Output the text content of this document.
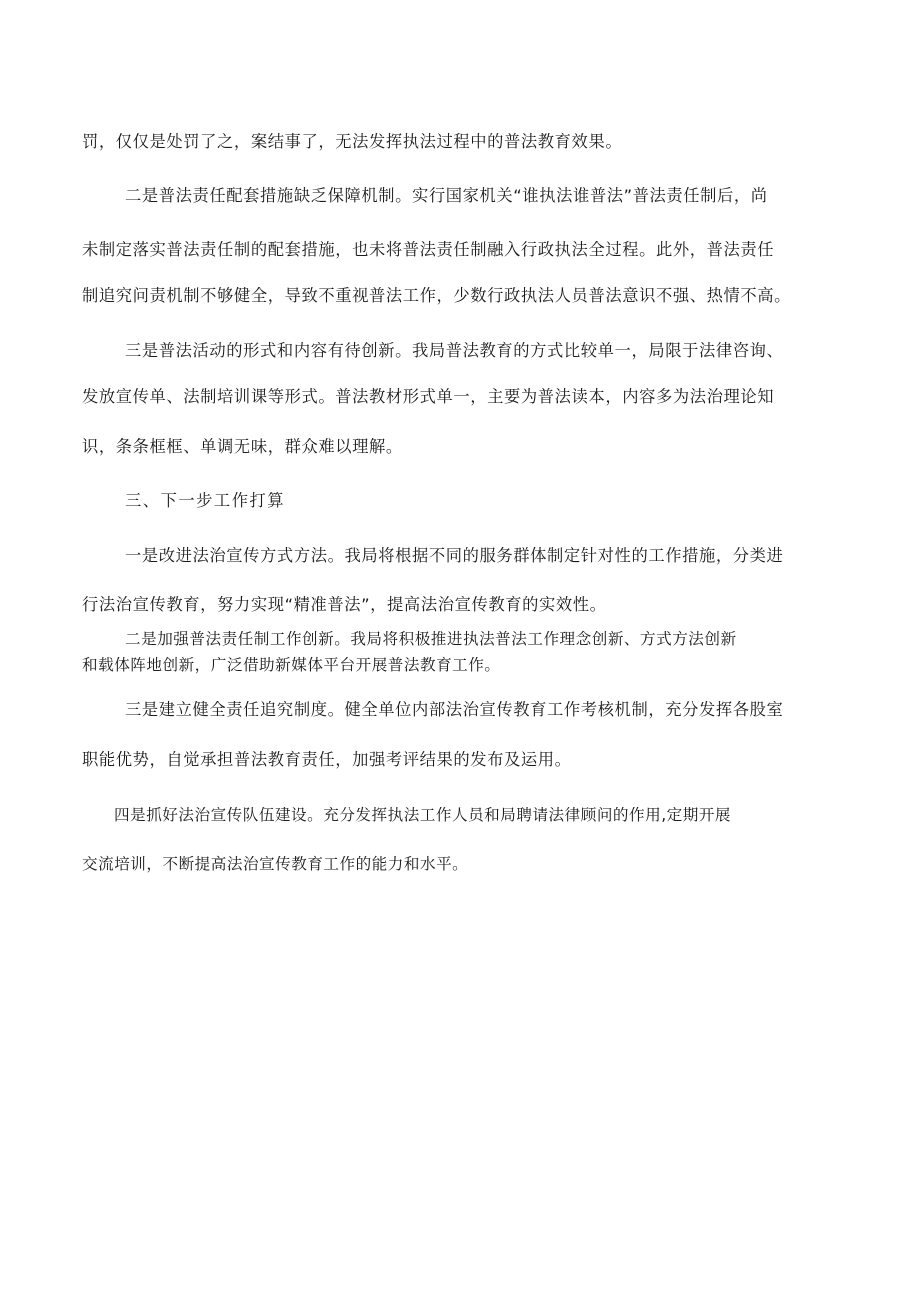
罚，仅仅是处罚了之，案结事了，无法发挥执法过程中的普法教育效果。

二是普法责任配套措施缺乏保障机制。实行国家机关“谁执法谁普法”普法责任制后，尚

未制定落实普法责任制的配套措施，也未将普法责任制融入行政执法全过程。此外，普法责任

制追究问责机制不够健全，导致不重视普法工作，少数行政执法人员普法意识不强、热情不高。

三是普法活动的形式和内容有待创新。我局普法教育的方式比较单一，局限于法律咨询、

发放宣传单、法制培训课等形式。普法教材形式单一，主要为普法读本，内容多为法治理论知

识，条条框框、单调无味，群众难以理解。

三、下一步工作打算

一是改进法治宣传方式方法。我局将根据不同的服务群体制定针对性的工作措施，分类进

行法治宣传教育，努力实现“精准普法”，提高法治宣传教育的实效性。

二是加强普法责任制工作创新。我局将积极推进执法普法工作理念创新、方式方法创新

和载体阵地创新，广泛借助新媒体平台开展普法教育工作。

三是建立健全责任追究制度。健全单位内部法治宣传教育工作考核机制，充分发挥各股室

职能优势，自觉承担普法教育责任，加强考评结果的发布及运用。

四是抓好法治宣传队伍建设。充分发挥执法工作人员和局聘请法律顾问的作用,定期开展

交流培训，不断提高法治宣传教育工作的能力和水平。
